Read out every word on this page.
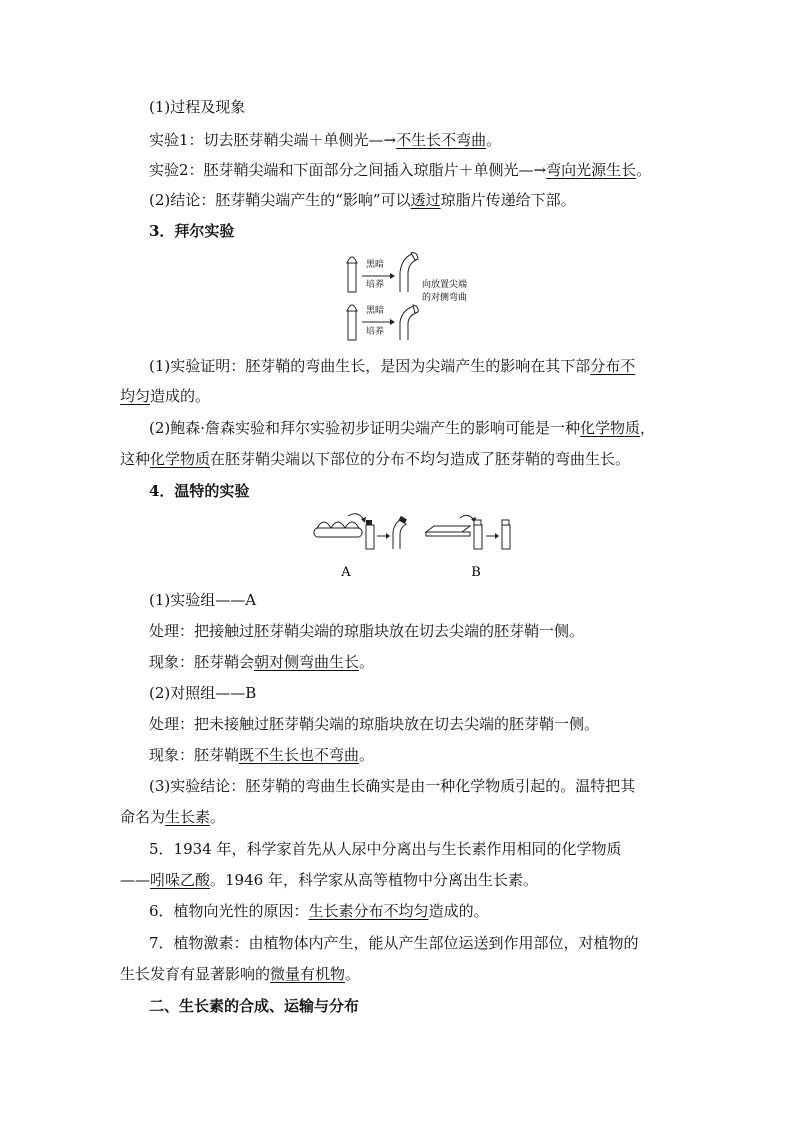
(1)过程及现象
实验1：切去胚芽鞘尖端＋单侧光—→不生长不弯曲。
实验2：胚芽鞘尖端和下面部分之间插入琼脂片＋单侧光—→弯向光源生长。
(2)结论：胚芽鞘尖端产生的“影响”可以透过琼脂片传递给下部。
3．拜尔实验
黑暗
培养	向放置尖端
的对侧弯曲
黑暗
培养
(1)实验证明：胚芽鞘的弯曲生长，是因为尖端产生的影响在其下部分布不
均匀造成的。
(2)鲍森·詹森实验和拜尔实验初步证明尖端产生的影响可能是一种化学物质，
这种化学物质在胚芽鞘尖端以下部位的分布不均匀造成了胚芽鞘的弯曲生长。
4．温特的实验
A	B
(1)实验组——A
处理：把接触过胚芽鞘尖端的琼脂块放在切去尖端的胚芽鞘一侧。
现象：胚芽鞘会朝对侧弯曲生长。
(2)对照组——B
处理：把未接触过胚芽鞘尖端的琼脂块放在切去尖端的胚芽鞘一侧。
现象：胚芽鞘既不生长也不弯曲。
(3)实验结论：胚芽鞘的弯曲生长确实是由一种化学物质引起的。温特把其
命名为生长素。
5．1934 年，科学家首先从人尿中分离出与生长素作用相同的化学物质
——吲哚乙酸。1946 年，科学家从高等植物中分离出生长素。
6．植物向光性的原因：生长素分布不均匀造成的。
7．植物激素：由植物体内产生，能从产生部位运送到作用部位，对植物的
生长发育有显著影响的微量有机物。
二、生长素的合成、运输与分布
